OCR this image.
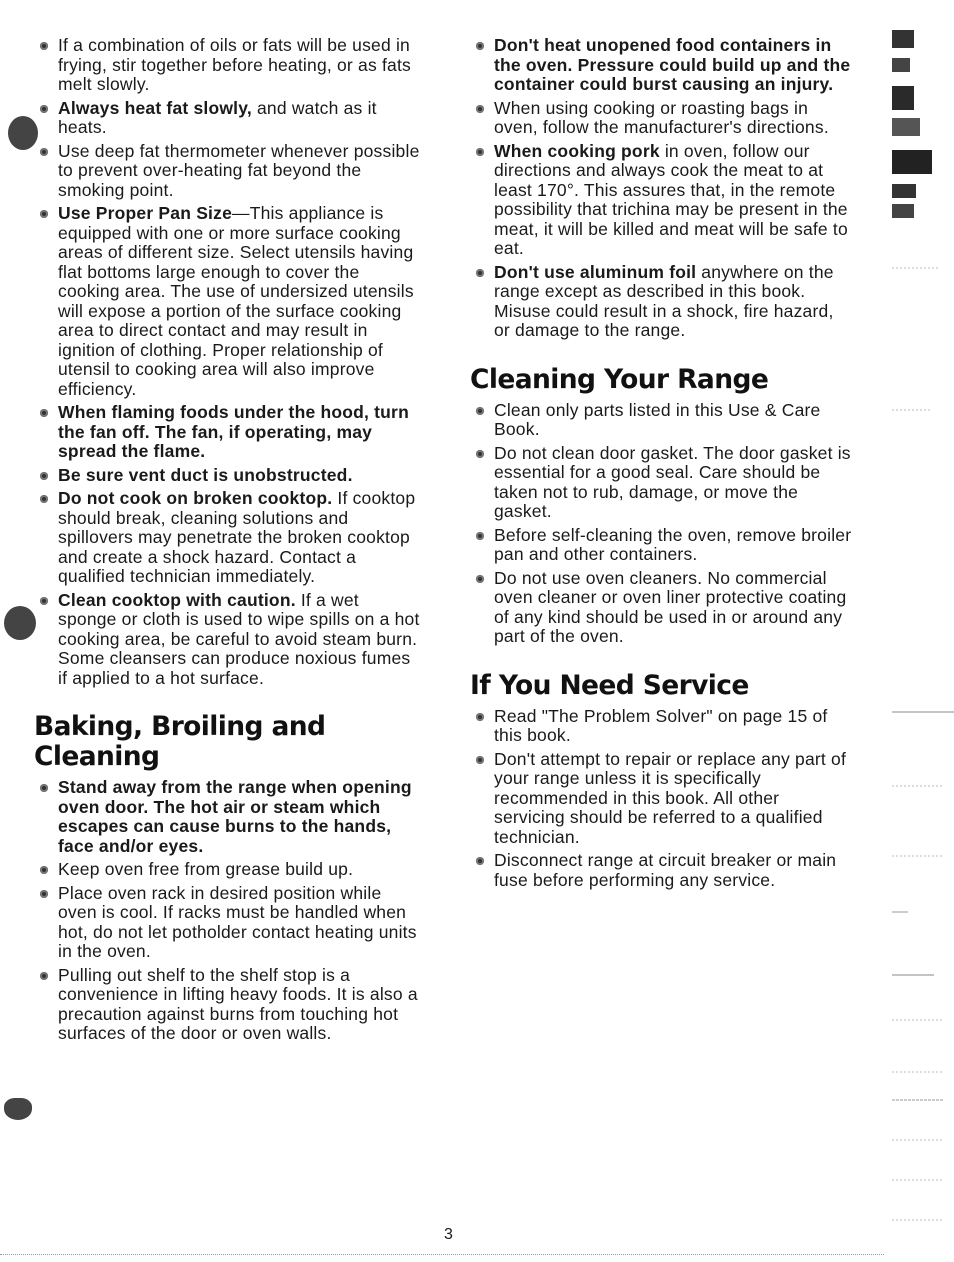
If a combination of oils or fats will be used in frying, stir together before heating, or as fats melt slowly.
Always heat fat slowly, and watch as it heats.
Use deep fat thermometer whenever possible to prevent over-heating fat beyond the smoking point.
Use Proper Pan Size—This appliance is equipped with one or more surface cooking areas of different size. Select utensils having flat bottoms large enough to cover the cooking area. The use of undersized utensils will expose a portion of the surface cooking area to direct contact and may result in ignition of clothing. Proper relationship of utensil to cooking area will also improve efficiency.
When flaming foods under the hood, turn the fan off. The fan, if operating, may spread the flame.
Be sure vent duct is unobstructed.
Do not cook on broken cooktop. If cooktop should break, cleaning solutions and spillovers may penetrate the broken cooktop and create a shock hazard. Contact a qualified technician immediately.
Clean cooktop with caution. If a wet sponge or cloth is used to wipe spills on a hot cooking area, be careful to avoid steam burn. Some cleansers can produce noxious fumes if applied to a hot surface.
Baking, Broiling and Cleaning
Stand away from the range when opening oven door. The hot air or steam which escapes can cause burns to the hands, face and/or eyes.
Keep oven free from grease build up.
Place oven rack in desired position while oven is cool. If racks must be handled when hot, do not let potholder contact heating units in the oven.
Pulling out shelf to the shelf stop is a convenience in lifting heavy foods. It is also a precaution against burns from touching hot surfaces of the door or oven walls.
Don't heat unopened food containers in the oven. Pressure could build up and the container could burst causing an injury.
When using cooking or roasting bags in oven, follow the manufacturer's directions.
When cooking pork in oven, follow our directions and always cook the meat to at least 170°. This assures that, in the remote possibility that trichina may be present in the meat, it will be killed and meat will be safe to eat.
Don't use aluminum foil anywhere on the range except as described in this book. Misuse could result in a shock, fire hazard, or damage to the range.
Cleaning Your Range
Clean only parts listed in this Use & Care Book.
Do not clean door gasket. The door gasket is essential for a good seal. Care should be taken not to rub, damage, or move the gasket.
Before self-cleaning the oven, remove broiler pan and other containers.
Do not use oven cleaners. No commercial oven cleaner or oven liner protective coating of any kind should be used in or around any part of the oven.
If You Need Service
Read "The Problem Solver" on page 15 of this book.
Don't attempt to repair or replace any part of your range unless it is specifically recommended in this book. All other servicing should be referred to a qualified technician.
Disconnect range at circuit breaker or main fuse before performing any service.
3
